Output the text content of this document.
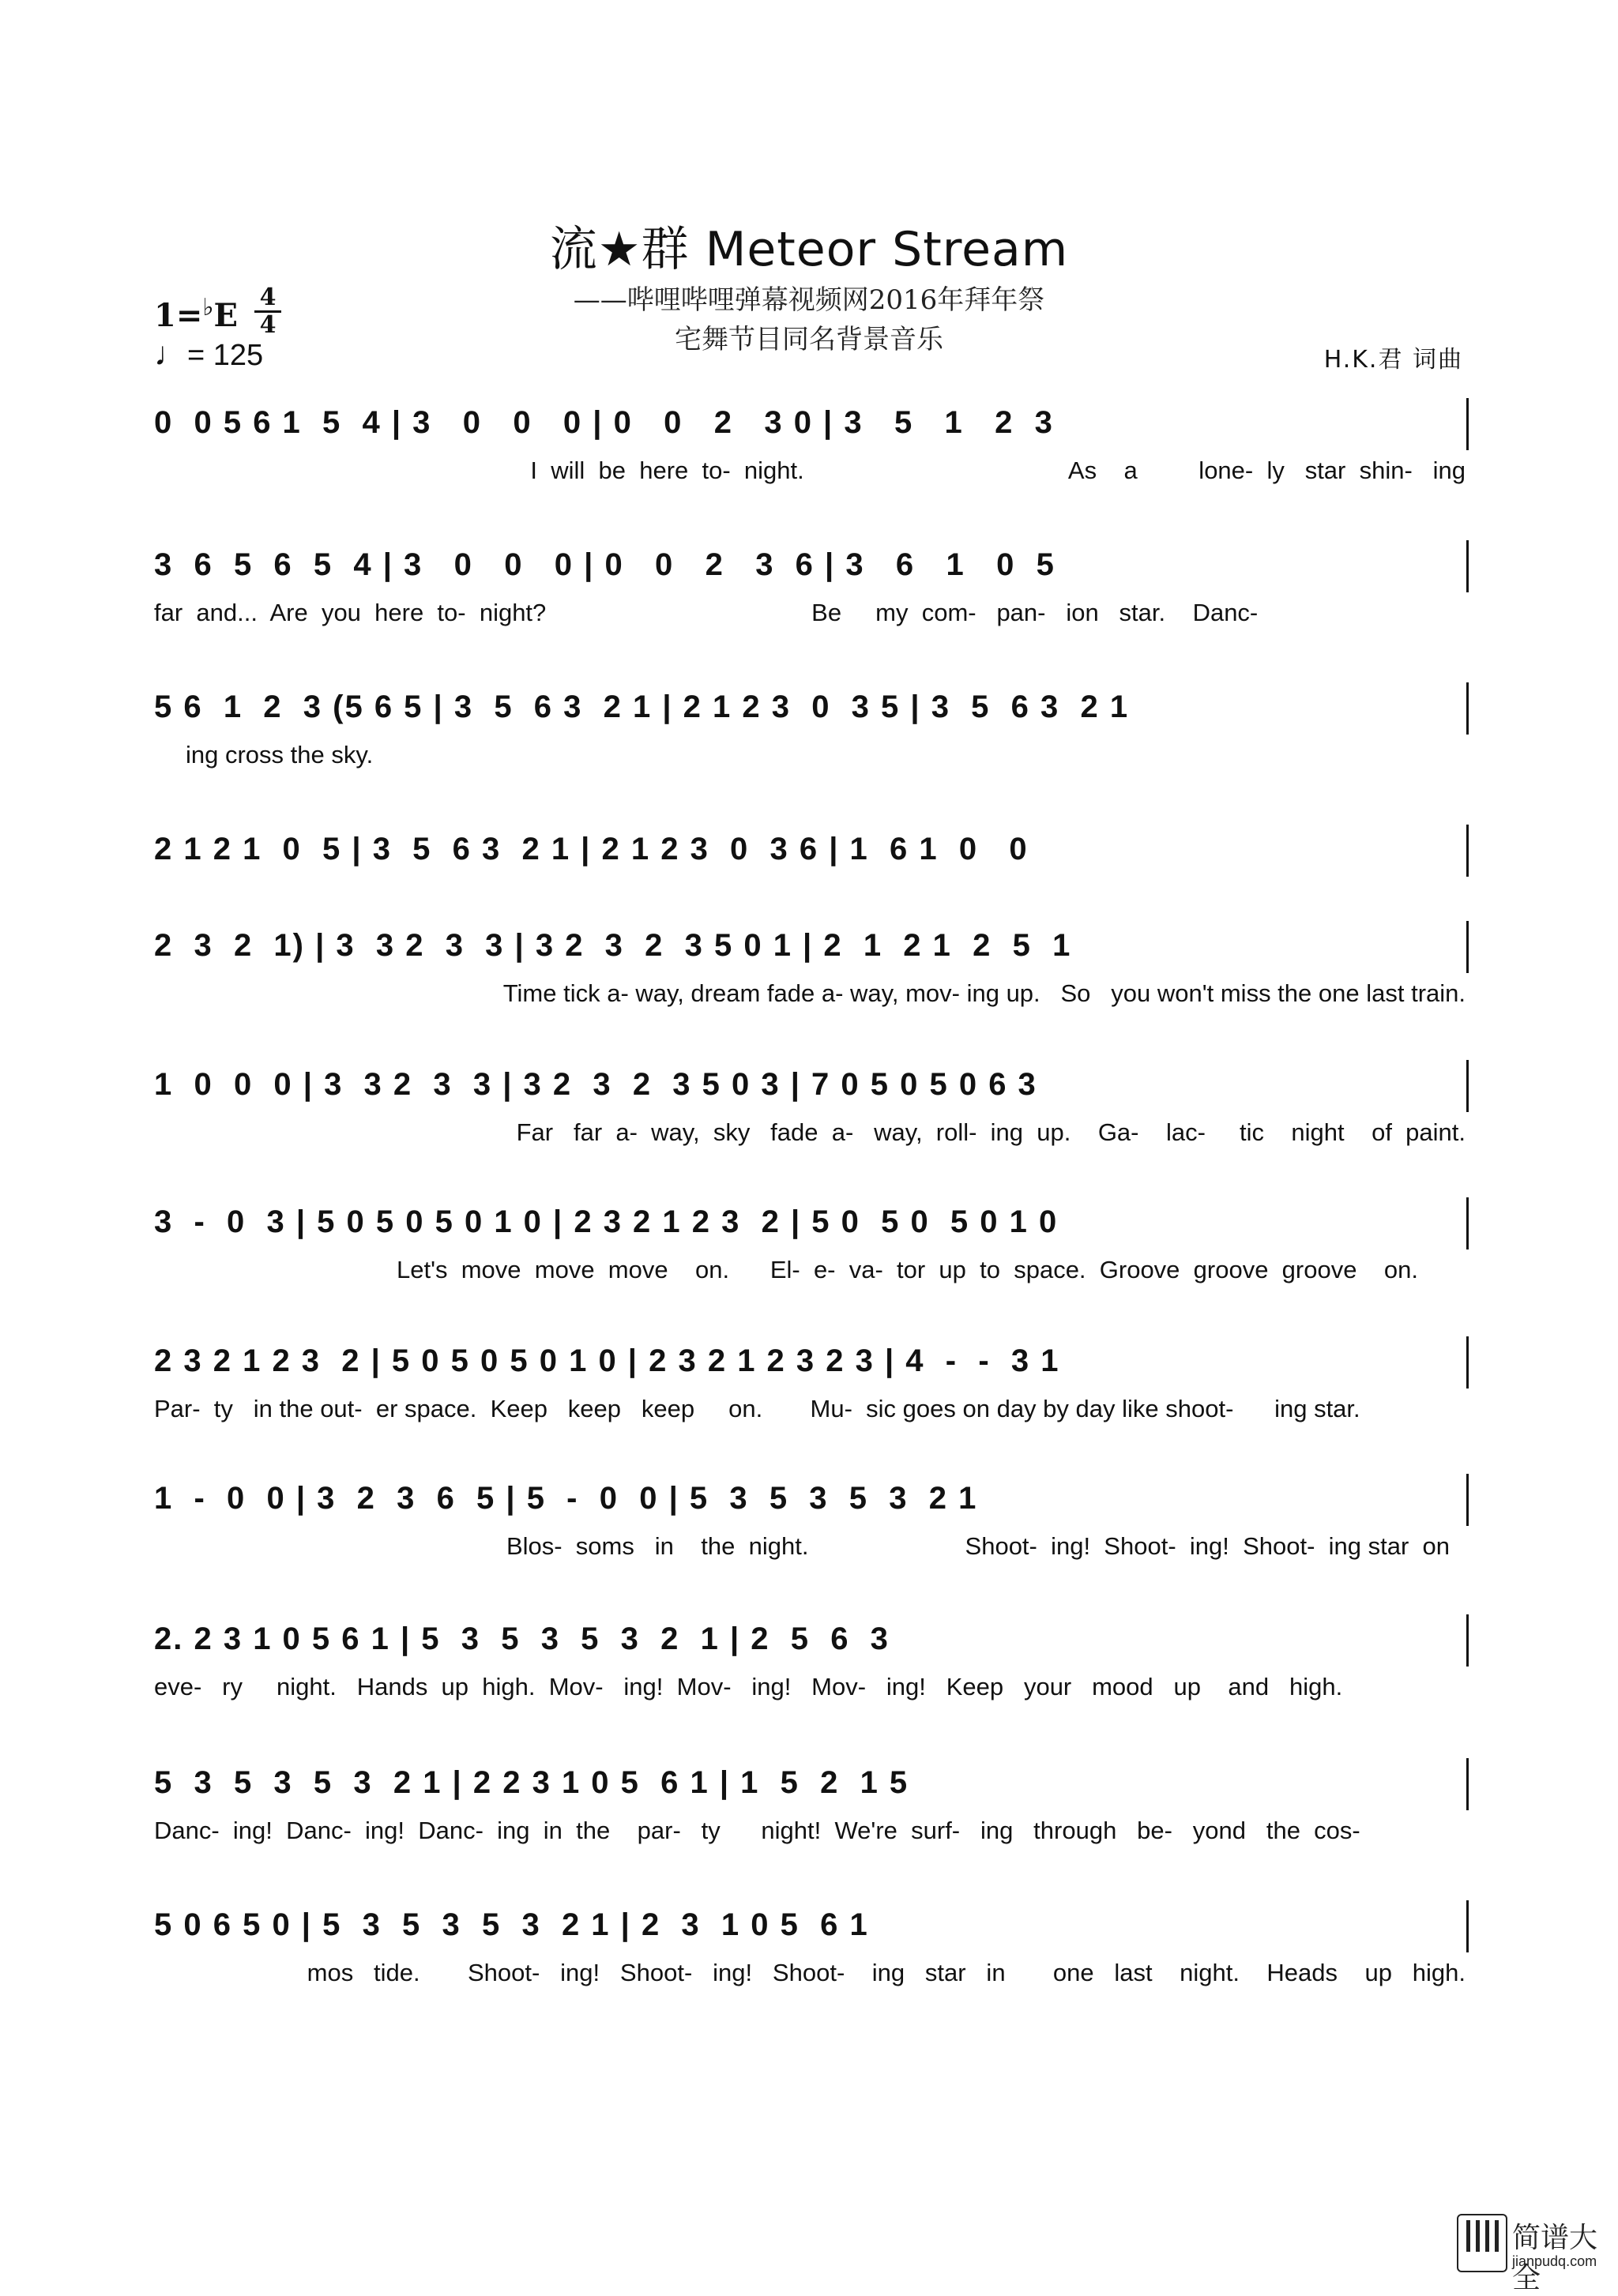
流★群 Meteor Stream
——哔哩哔哩弹幕视频网2016年拜年祭
宅舞节目同名背景音乐
1=♭E 4
4
♩= 125	H.K.君 词曲
0  0 5 6 1  5  4 | 3   0   0   0 | 0   0   2   3 0 | 3   5   1   2  3
I  will  be  here  to-  night.                                       As    a         lone-  ly   star  shin-   ing
3  6  5  6  5  4 | 3   0   0   0 | 0   0   2   3  6 | 3   6   1   0  5
far  and...  Are  you  here  to-  night?                                       Be     my  com-   pan-   ion   star.    Danc-
5 6  1  2  3 (5 6 5 | 3  5  6 3  2 1 | 2 1 2 3  0  3 5 | 3  5  6 3  2 1
ing cross the sky.
2 1 2 1  0  5 | 3  5  6 3  2 1 | 2 1 2 3  0  3 6 | 1  6 1  0   0
2  3  2  1) | 3  3 2  3  3 | 3 2  3  2  3 5 0 1 | 2  1  2 1  2  5  1
Time tick a- way, dream fade a- way, mov- ing up.   So   you won't miss the one last train.
1  0  0  0 | 3  3 2  3  3 | 3 2  3  2  3 5 0 3 | 7 0 5 0 5 0 6 3
Far   far  a-  way,  sky   fade  a-   way,  roll-  ing  up.    Ga-    lac-     tic    night    of  paint.
3  -  0  3 | 5 0 5 0 5 0 1 0 | 2 3 2 1 2 3  2 | 5 0  5 0  5 0 1 0
Let's  move  move  move    on.      El-  e-  va-  tor  up  to  space.  Groove  groove  groove    on.
2 3 2 1 2 3  2 | 5 0 5 0 5 0 1 0 | 2 3 2 1 2 3 2 3 | 4  -  -  3 1
Par-  ty   in the out-  er space.  Keep   keep   keep     on.       Mu-  sic goes on day by day like shoot-      ing star.
1  -  0  0 | 3  2  3  6  5 | 5  -  0  0 | 5  3  5  3  5  3  2 1
Blos-  soms   in    the  night.                       Shoot-  ing!  Shoot-  ing!  Shoot-  ing star  on
2. 2 3 1 0 5 6 1 | 5  3  5  3  5  3  2  1 | 2  5  6  3
eve-   ry     night.   Hands  up  high.  Mov-   ing!  Mov-   ing!   Mov-   ing!   Keep   your   mood   up    and   high.
5  3  5  3  5  3  2 1 | 2 2 3 1 0 5  6 1 | 1  5  2  1 5
Danc-  ing!  Danc-  ing!  Danc-  ing  in  the    par-   ty      night!  We're  surf-   ing   through   be-   yond   the  cos-
5 0 6 5 0 | 5  3  5  3  5  3  2 1 | 2  3  1 0 5  6 1
mos   tide.       Shoot-   ing!   Shoot-   ing!   Shoot-    ing   star   in       one   last    night.    Heads    up   high.
简谱大全
jianpudq.com
